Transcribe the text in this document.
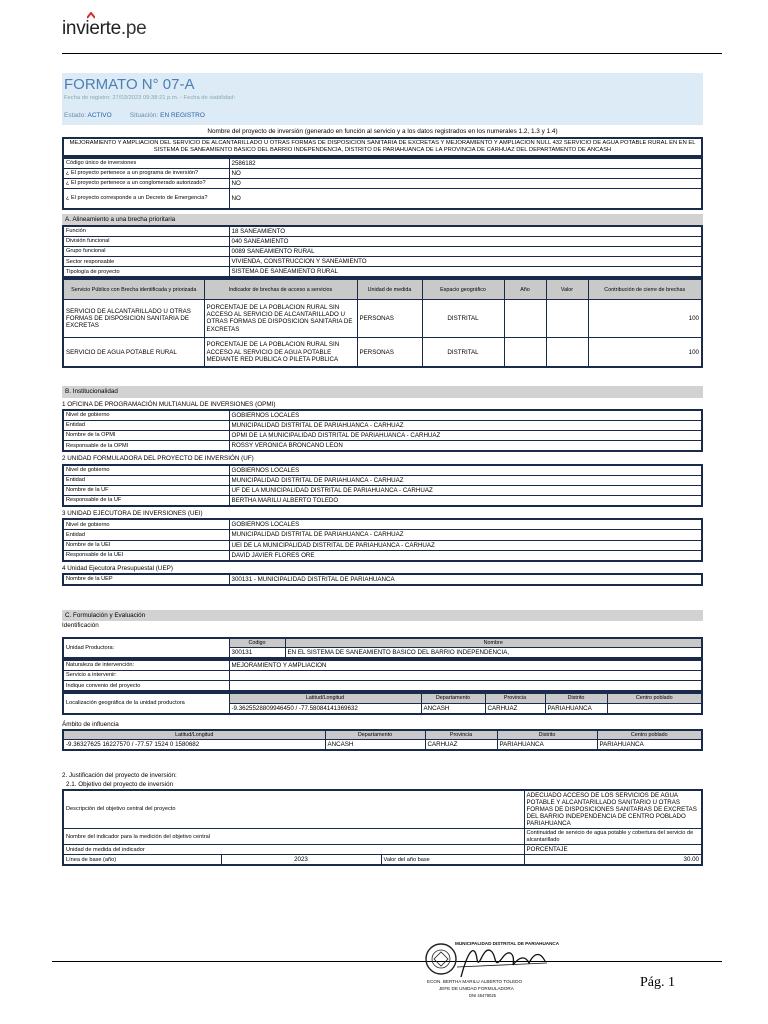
invi
erte.pe
FORMATO N° 07-A
Fecha de registro: 27/03/2023 09:38:21 p.m. - Fecha de viabilidad:
Estado: ACTIVO	Situación: EN REGISTRO
Nombre del proyecto de inversión (generado en función al servicio y a los datos registrados en los numerales 1.2, 1.3 y 1.4)
MEJORAMIENTO Y AMPLIACION DEL SERVICIO DE ALCANTARILLADO U OTRAS FORMAS DE DISPOSICION SANITARIA DE EXCRETAS Y MEJORAMIENTO Y AMPLIACION NULL 432 SERVICIO DE AGUA POTABLE RURAL EN EN EL SISTEMA DE SANEAMIENTO BASICO DEL BARRIO INDEPENDENCIA, DISTRITO DE PARIAHUANCA DE LA PROVINCIA DE CARHUAZ DEL DEPARTAMENTO DE ANCASH
Código único de inversiones	2586182
¿ El proyecto pertenece a un programa de inversión?	NO
¿ El proyecto pertenece a un conglomerado autorizado?	NO
¿ El proyecto corresponde a un Decreto de Emergencia?	NO
A. Alineamiento a una brecha prioritaria
Función	18 SANEAMIENTO
División funcional	040 SANEAMIENTO
Grupo funcional	0089 SANEAMIENTO RURAL
Sector responsable	VIVIENDA, CONSTRUCCION Y SANEAMIENTO
Tipología de proyecto	SISTEMA DE SANEAMIENTO RURAL
Servicio Público con Brecha identificada y priorizada	Indicador de brechas de acceso a servicios	Unidad de medida	Espacio geográfico	Año	Valor	Contribución de cierre de brechas
SERVICIO DE ALCANTARILLADO U OTRAS FORMAS DE DISPOSICION SANITARIA DE EXCRETAS	PORCENTAJE DE LA POBLACION RURAL SIN ACCESO AL SERVICIO DE ALCANTARILLADO U OTRAS FORMAS DE DISPOSICION SANITARIA DE EXCRETAS	PERSONAS	DISTRITAL			100
SERVICIO DE AGUA POTABLE RURAL	PORCENTAJE DE LA POBLACION RURAL SIN ACCESO AL SERVICIO DE AGUA POTABLE MEDIANTE RED PUBLICA O PILETA PUBLICA	PERSONAS	DISTRITAL			100
B. Institucionalidad
1 OFICINA DE PROGRAMACIÓN MULTIANUAL DE INVERSIONES (OPMI)
Nivel de gobierno	GOBIERNOS LOCALES
Entidad	MUNICIPALIDAD DISTRITAL DE PARIAHUANCA - CARHUAZ
Nombre de la OPMI	OPMI DE LA MUNICIPALIDAD DISTRITAL DE PARIAHUANCA - CARHUAZ
Responsable de la OPMI	ROSSY VERONICA BRONCANO LEON
2 UNIDAD FORMULADORA DEL PROYECTO DE INVERSIÓN (UF)
Nivel de gobierno	GOBIERNOS LOCALES
Entidad	MUNICIPALIDAD DISTRITAL DE PARIAHUANCA - CARHUAZ
Nombre de la UF	UF DE LA MUNICIPALIDAD DISTRITAL DE PARIAHUANCA - CARHUAZ
Responsable de la UF	BERTHA MARILU ALBERTO TOLEDO
3 UNIDAD EJECUTORA DE INVERSIONES (UEI)
Nivel de gobierno	GOBIERNOS LOCALES
Entidad	MUNICIPALIDAD DISTRITAL DE PARIAHUANCA - CARHUAZ
Nombre de la UEI	UEI DE LA MUNICIPALIDAD DISTRITAL DE PARIAHUANCA - CARHUAZ
Responsable de la UEI	DAVID JAVIER FLORES ORE
4 Unidad Ejecutora Presupuestal (UEP)
Nombre de la UEP	300131 - MUNICIPALIDAD DISTRITAL DE PARIAHUANCA
C. Formulación y Evaluación
Identificación
Unidad Productora:	Codigo	Nombre
	300131	EN EL SISTEMA DE SANEAMIENTO BASICO DEL BARRIO INDEPENDENCIA,
Naturaleza de intervención:	MEJORAMIENTO Y AMPLIACION
Servicio a intervenir:	
Indique convenio del proyecto	
Localización geográfica de la unidad productora	Latitud/Longitud	Departamento	Provincia	Distrito	Centro poblado
	-9.3625528809946450 / -77.58084141369632	ANCASH	CARHUAZ	PARIAHUANCA	
Ámbito de influencia
Latitud/Longitud	Departamento	Provincia	Distrito	Centro poblado
-9.36327625 16227570 / -77.57 1524 0 1580682	ANCASH	CARHUAZ	PARIAHUANCA	PARIAHUANCA
2. Justificación del proyecto de inversión:
2.1. Objetivo del proyecto de inversión
Descripción del objetivo central del proyecto			ADECUADO ACCESO DE LOS SERVICIOS DE AGUA POTABLE Y ALCANTARILLADO SANITARIO U OTRAS FORMAS DE DISPOSICIONES SANITARIAS DE EXCRETAS DEL BARRIO INDEPENDENCIA DE CENTRO POBLADO PARIAHUANCA
Nombre del indicador para la medición del objetivo central			Continuidad de servicio de agua potable y cobertura del servicio de alcantarillado
Unidad de medida del indicador			PORCENTAJE
Línea de base (año)	2023	Valor del año base	30.00
MUNICIPALIDAD DISTRITAL DE PARIAHUANCA
ECON. BERTHA MARILU ALBERTO TOLEDO
JEFE DE UNIDAD FORMULADORA
DNI 45479025
Pág. 1
